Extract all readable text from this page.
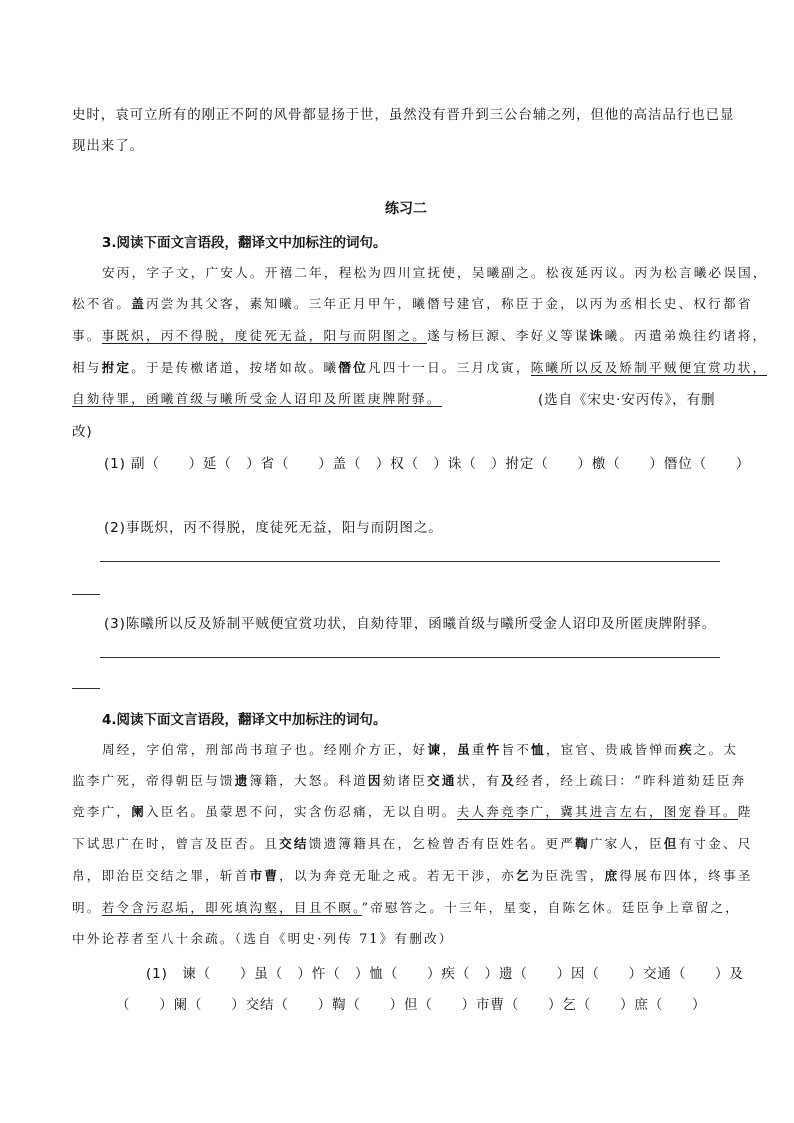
史时，袁可立所有的刚正不阿的风骨都显扬于世，虽然没有晋升到三公台辅之列，但他的高洁品行也已显
现出来了。
练习二
3.阅读下面文言语段，翻译文中加标注的词句。
安丙，字子文，广安人。开禧二年，程松为四川宣抚使，吴曦副之。松夜延丙议。丙为松言曦必误国，
松不省。盖丙尝为其父客，素知曦。三年正月甲午，曦僭号建官，称臣于金，以丙为丞相长史、权行都省
事。事既炽，丙不得脱，度徒死无益，阳与而阴图之。遂与杨巨源、李好义等谋诛曦。丙遣弟焕往约诸将，
相与拊定。于是传檄诸道，按堵如故。曦僭位凡四十一日。三月戊寅，陈曦所以反及矫制平贼便宜赏功状，
自劾待罪，函曦首级与曦所受金人诏印及所匿庚牌附驿。	(选自《宋史·安丙传》，有删
改)
(1) 副（　　）延（　）省（　　）盖（　）权（　）诛（　）拊定（　　）檄（　　）僭位（　　）
(2)事既炽，丙不得脱，度徒死无益，阳与而阴图之。
(3)陈曦所以反及矫制平贼便宜赏功状，自劾待罪，函曦首级与曦所受金人诏印及所匿庚牌附驿。
4.阅读下面文言语段，翻译文中加标注的词句。
周经，字伯常，刑部尚书瑄子也。经刚介方正，好谏，虽重忤旨不恤，宦官、贵戚皆惮而疾之。太
监李广死，帝得朝臣与馈遗簿籍，大怒。科道因劾诸臣交通状，有及经者，经上疏曰：“昨科道劾廷臣奔
竞李广，阑入臣名。虽蒙恩不问，实含伤忍痛，无以自明。夫人奔竞李广，冀其进言左右，图宠眷耳。陛
下试思广在时，曾言及臣否。且交结馈遗簿籍具在，乞检曾否有臣姓名。更严鞫广家人，臣但有寸金、尺
帛，即治臣交结之罪，斩首市曹，以为奔竞无耻之戒。若无干涉，亦乞为臣洗雪，庶得展布四体，终事圣
明。若令含污忍垢，即死填沟壑，目且不瞑。”帝慰答之。十三年，星变，自陈乞休。廷臣争上章留之，
中外论荐者至八十余疏。（选自《明史·列传 71》有删改）
(1)　谏（　　）虽（　）忤（　）恤（　　）疾（　）遗（　　）因（　　）交通（　　）及
（　　）阑（　　）交结（　　）鞫（　　）但（　　）市曹（　　）乞（　　）庶（　　）
